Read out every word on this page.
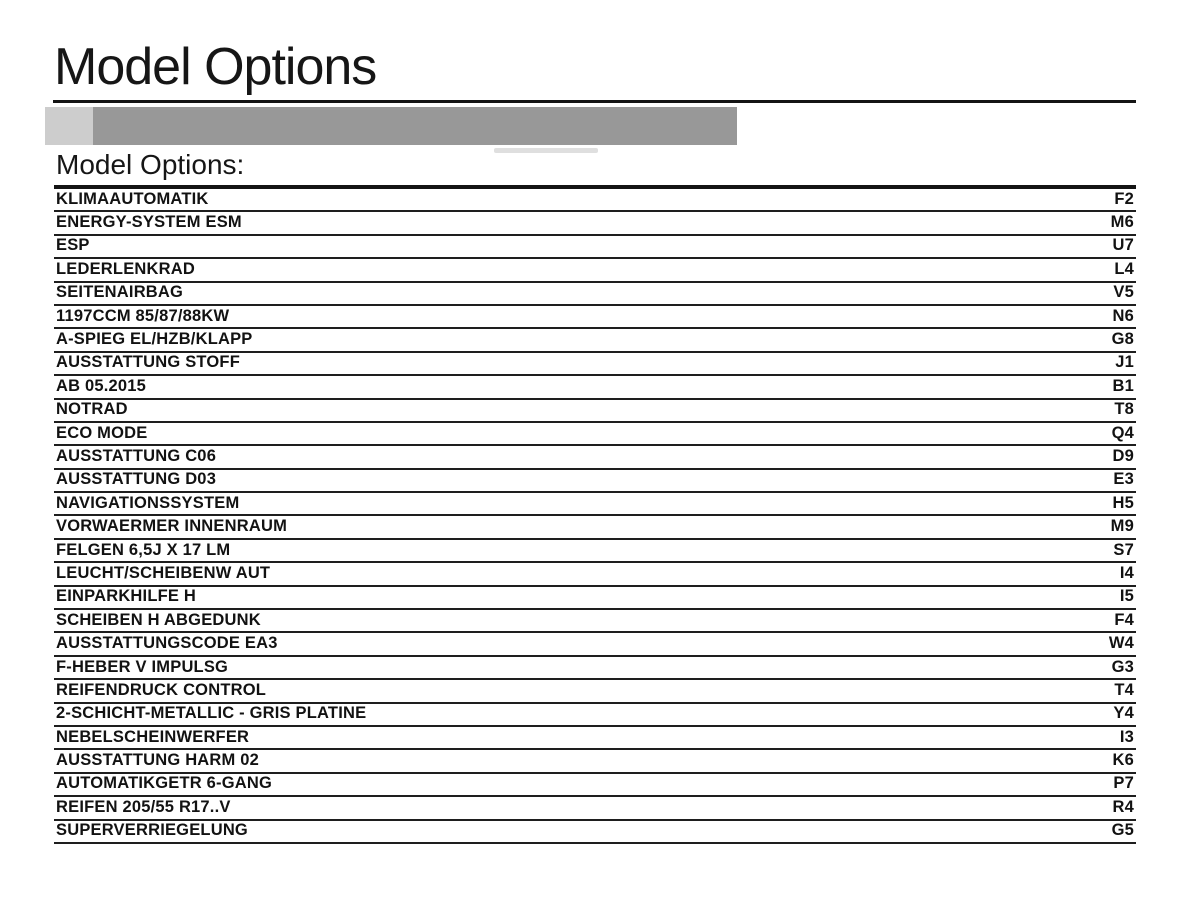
Model Options
Model Options:
KLIMAAUTOMATIK	F2
ENERGY-SYSTEM ESM	M6
ESP	U7
LEDERLENKRAD	L4
SEITENAIRBAG	V5
1197CCM 85/87/88KW	N6
A-SPIEG EL/HZB/KLAPP	G8
AUSSTATTUNG STOFF	J1
AB 05.2015	B1
NOTRAD	T8
ECO MODE	Q4
AUSSTATTUNG C06	D9
AUSSTATTUNG D03	E3
NAVIGATIONSSYSTEM	H5
VORWAERMER INNENRAUM	M9
FELGEN 6,5J X 17 LM	S7
LEUCHT/SCHEIBENW AUT	I4
EINPARKHILFE H	I5
SCHEIBEN H ABGEDUNK	F4
AUSSTATTUNGSCODE EA3	W4
F-HEBER V IMPULSG	G3
REIFENDRUCK CONTROL	T4
2-SCHICHT-METALLIC - GRIS PLATINE	Y4
NEBELSCHEINWERFER	I3
AUSSTATTUNG HARM 02	K6
AUTOMATIKGETR 6-GANG	P7
REIFEN 205/55 R17..V	R4
SUPERVERRIEGELUNG	G5
